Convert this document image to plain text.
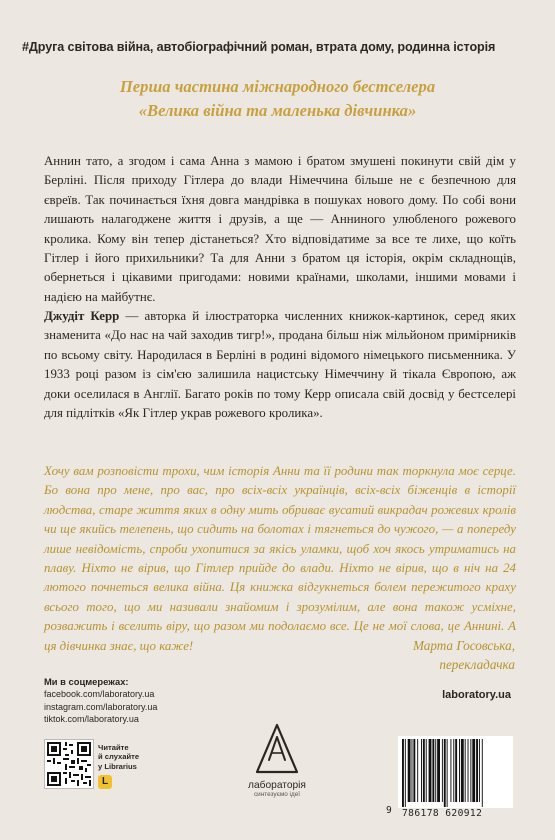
#Друга світова війна, автобіографічний роман, втрата дому, родинна історія
Перша частина міжнародного бестселера
«Велика війна та маленька дівчинка»
Аннин тато, а згодом і сама Анна з мамою і братом змушені покинути свій дім у Берліні. Після приходу Гітлера до влади Німеччина більше не є безпечною для євреїв. Так починається їхня довга мандрівка в пошуках нового дому. По собі вони лишають налагоджене життя і друзів, а ще — Анниного улюбленого рожевого кролика. Кому він тепер дістанеться? Хто відповідатиме за все те лихе, що коїть Гітлер і його прихильники? Та для Анни з братом ця історія, окрім складнощів, обернеться і цікавими пригодами: новими країнами, школами, іншими мовами і надією на майбутнє.
Джудіт Керр — авторка й ілюстраторка численних книжок-картинок, серед яких знаменита «До нас на чай заходив тигр!», продана більш ніж мільйоном примірників по всьому світу. Народилася в Берліні в родині відомого німецького письменника. У 1933 році разом із сім'єю залишила нацистську Німеччину й тікала Європою, аж доки оселилася в Англії. Багато років по тому Керр описала свій досвід у бестселері для підлітків «Як Гітлер украв рожевого кролика».
Хочу вам розповісти трохи, чим історія Анни та її родини так торкнула моє серце. Бо вона про мене, про вас, про всіх-всіх українців, всіх-всіх біженців в історії людства, старе життя яких в одну мить обриває вусатий викрадач рожевих кролів чи ще якийсь телепень, що сидить на болотах і тягнеться до чужого, — а попереду лише невідомість, спроби ухопитися за якісь уламки, щоб хоч якось утриматись на плаву. Ніхто не вірив, що Гітлер прийде до влади. Ніхто не вірив, що в ніч на 24 лютого почнеться велика війна. Ця книжка відгукнеться болем пережитого краху всього того, що ми називали знайомим і зрозумілим, але вона також усміхне, розважить і вселить віру, що разом ми подолаємо все. Це не мої слова, це Аннині. А ця дівчинка знає, що каже!	Марта Госовська,
перекладачка
Ми в соцмережах:
facebook.com/laboratory.ua
instagram.com/laboratory.ua
tiktok.com/laboratory.ua
laboratory.ua
Читайте
й слухайте
у Librarius
L	лабораторія
синтезуємо ідеї
9 786178 620912
